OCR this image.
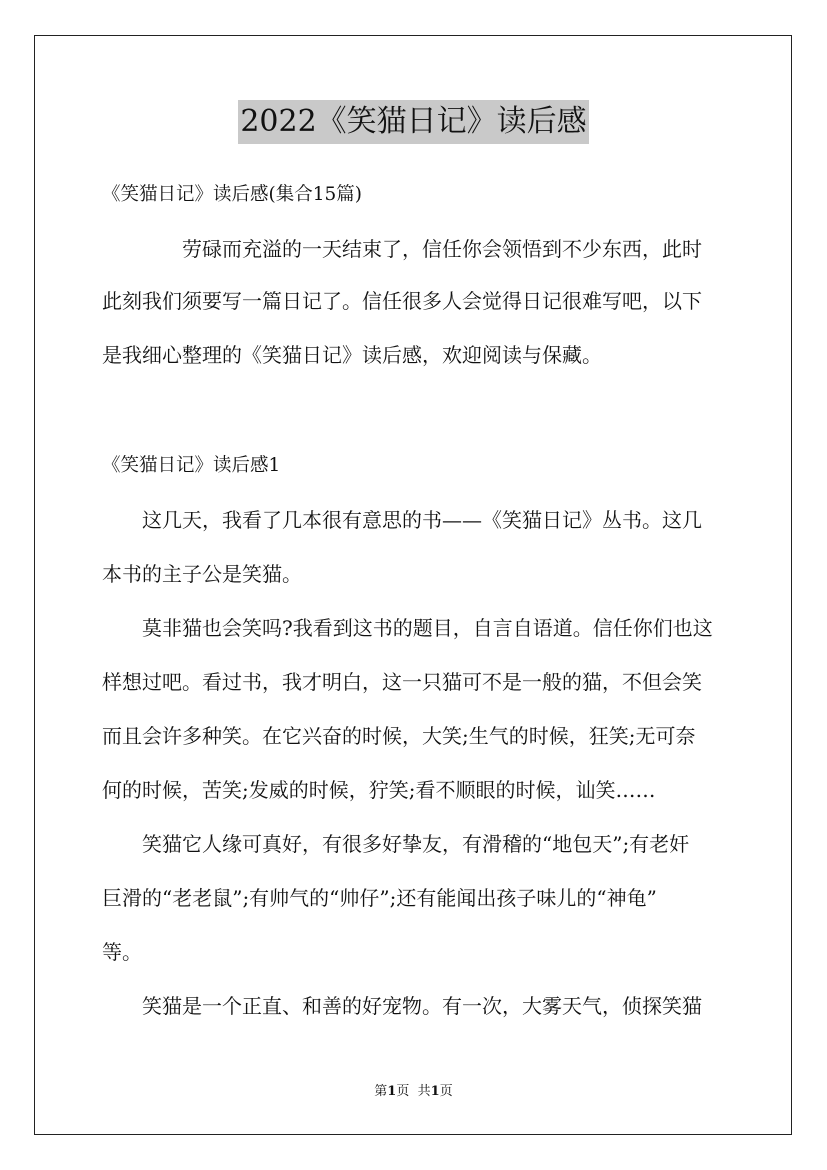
2022《笑猫日记》读后感
《笑猫日记》读后感(集合15篇)
劳碌而充溢的一天结束了，信任你会领悟到不少东西，此时
此刻我们须要写一篇日记了。信任很多人会觉得日记很难写吧，以下
是我细心整理的《笑猫日记》读后感，欢迎阅读与保藏。
《笑猫日记》读后感1
这几天，我看了几本很有意思的书——《笑猫日记》丛书。这几
本书的主子公是笑猫。
莫非猫也会笑吗?我看到这书的题目，自言自语道。信任你们也这
样想过吧。看过书，我才明白，这一只猫可不是一般的猫，不但会笑
而且会许多种笑。在它兴奋的时候，大笑;生气的时候，狂笑;无可奈
何的时候，苦笑;发威的时候，狞笑;看不顺眼的时候，讪笑……
笑猫它人缘可真好，有很多好挚友，有滑稽的“地包天”;有老奸
巨滑的“老老鼠”;有帅气的“帅仔”;还有能闻出孩子味儿的“神龟”
等。
笑猫是一个正直、和善的好宠物。有一次，大雾天气，侦探笑猫
第1页 共1页
